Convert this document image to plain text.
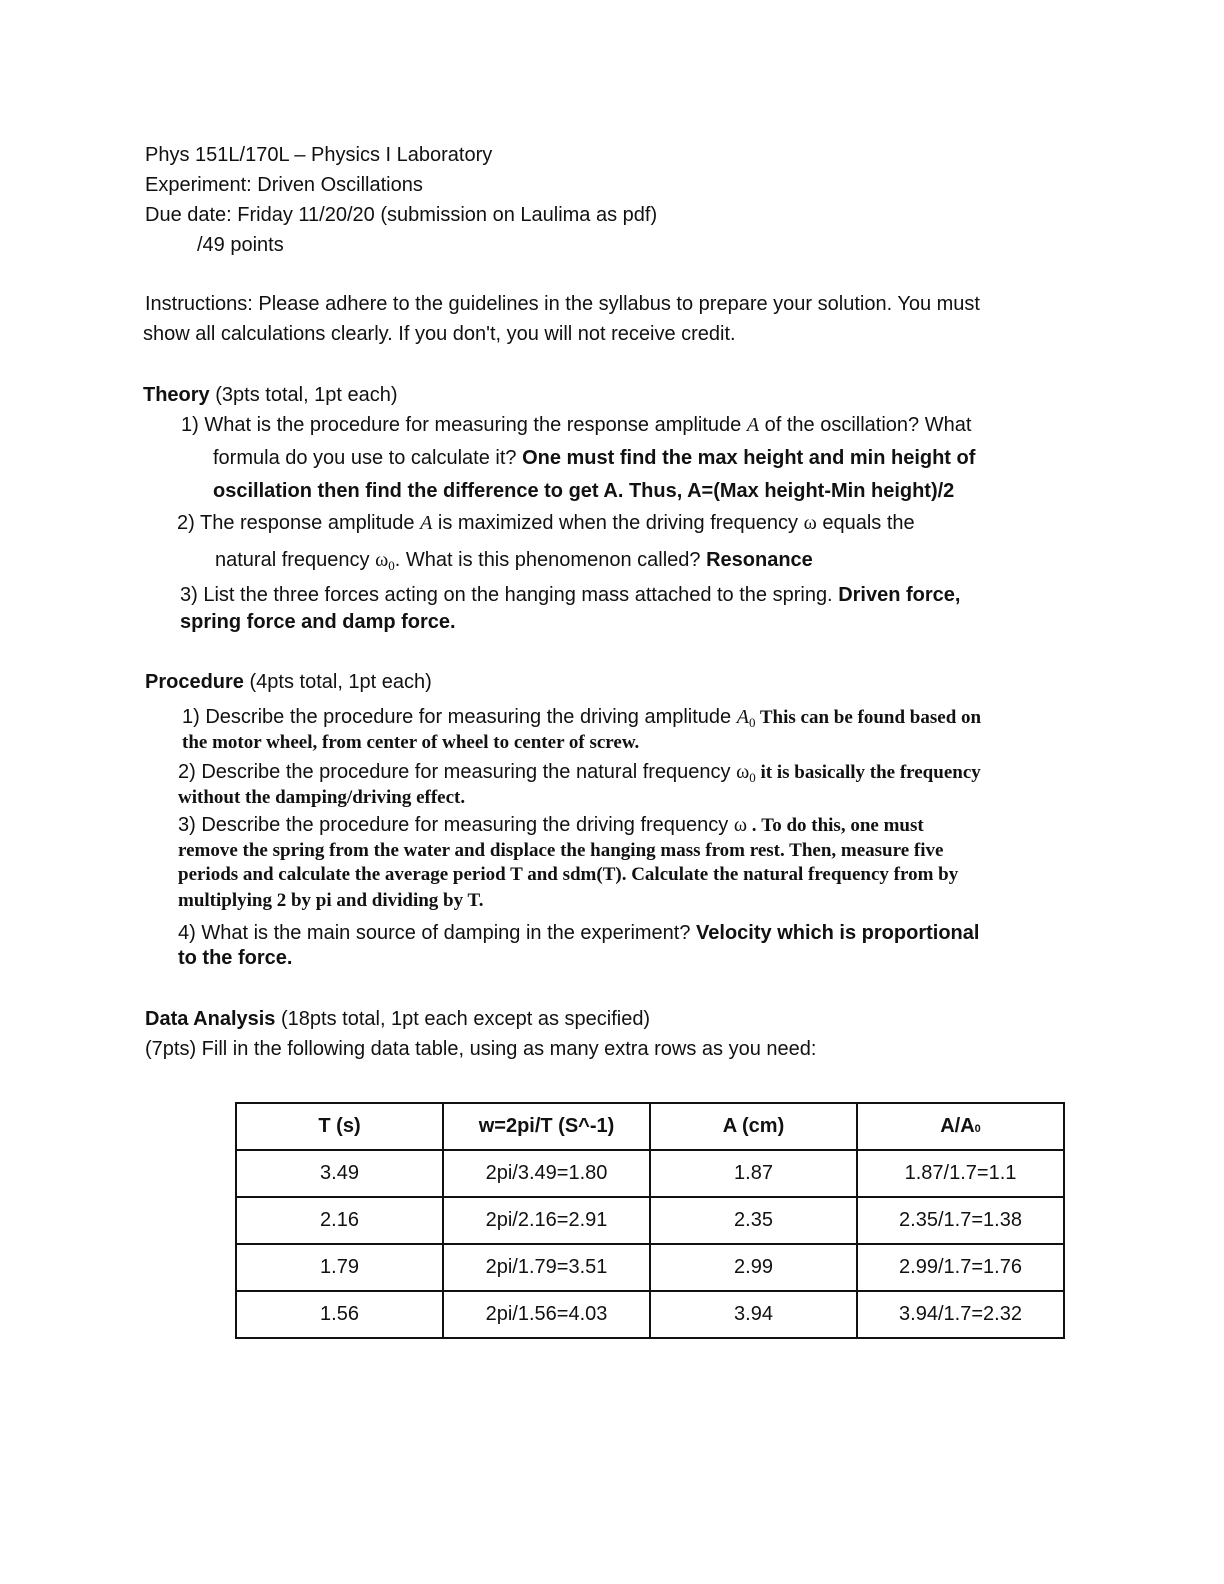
Phys 151L/170L – Physics I Laboratory
Experiment: Driven Oscillations
Due date: Friday 11/20/20 (submission on Laulima as pdf)
/49 points
Instructions: Please adhere to the guidelines in the syllabus to prepare your solution. You must
show all calculations clearly. If you don't, you will not receive credit.
Theory (3pts total, 1pt each)
1) What is the procedure for measuring the response amplitude A of the oscillation? What
formula do you use to calculate it? One must find the max height and min height of
oscillation then find the difference to get A. Thus, A=(Max height-Min height)/2
2) The response amplitude A is maximized when the driving frequency ω equals the
natural frequency $\omega_0$. What is this phenomenon called? Resonance
3) List the three forces acting on the hanging mass attached to the spring. Driven force,
spring force and damp force.
Procedure (4pts total, 1pt each)
1) Describe the procedure for measuring the driving amplitude $A_0$ This can be found based on
the motor wheel, from center of wheel to center of screw.
2) Describe the procedure for measuring the natural frequency $\omega_0$ it is basically the frequency
without the damping/driving effect.
3) Describe the procedure for measuring the driving frequency ω . To do this, one must
remove the spring from the water and displace the hanging mass from rest. Then, measure five
periods and calculate the average period T and sdm(T). Calculate the natural frequency from by
multiplying 2 by pi and dividing by T.
4) What is the main source of damping in the experiment? Velocity which is proportional
to the force.
Data Analysis (18pts total, 1pt each except as specified)
(7pts) Fill in the following data table, using as many extra rows as you need:
T (s)	w=2pi/T (S^-1)	A (cm)	A/A0
3.49	2pi/3.49=1.80	1.87	1.87/1.7=1.1
2.16	2pi/2.16=2.91	2.35	2.35/1.7=1.38
1.79	2pi/1.79=3.51	2.99	2.99/1.7=1.76
1.56	2pi/1.56=4.03	3.94	3.94/1.7=2.32
